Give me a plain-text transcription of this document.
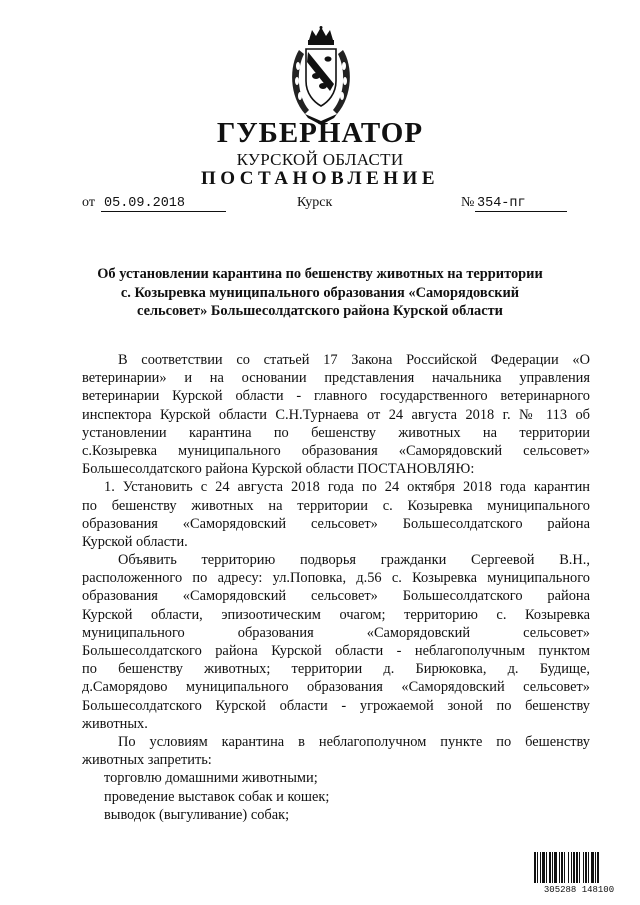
ГУБЕРНАТОР
КУРСКОЙ ОБЛАСТИ
ПОСТАНОВЛЕНИЕ
от 05.09.2018	Курск	№ 354-пг
Об установлении карантина по бешенству животных на территории
с. Козыревка муниципального образования «Саморядовский
сельсовет» Большесолдатского района Курской области
В соответствии со статьей 17 Закона Российской Федерации «О
ветеринарии» и на основании представления начальника управления
ветеринарии Курской области - главного государственного ветеринарного
инспектора Курской области С.Н.Турнаева от 24 августа 2018 г. № 113 об
установлении карантина по бешенству животных на территории
с.Козыревка муниципального образования «Саморядовский сельсовет»
Большесолдатского района Курской области ПОСТАНОВЛЯЮ:
1. Установить с 24 августа 2018 года по 24 октября 2018 года карантин
по бешенству животных на территории с. Козыревка муниципального
образования «Саморядовский сельсовет» Большесолдатского района
Курской области.
Объявить территорию подворья гражданки Сергеевой В.Н.,
расположенного по адресу: ул.Поповка, д.56 с. Козыревка муниципального
образования «Саморядовский сельсовет» Большесолдатского района
Курской области, эпизоотическим очагом; территорию с. Козыревка
муниципального образования «Саморядовский сельсовет»
Большесолдатского района Курской области - неблагополучным пунктом
по бешенству животных; территории д. Бирюковка, д. Будище,
д.Саморядово муниципального образования «Саморядовский сельсовет»
Большесолдатского Курской области - угрожаемой зоной по бешенству
животных.
По условиям карантина в неблагополучном пункте по бешенству
животных запретить:
торговлю домашними животными;
проведение выставок собак и кошек;
выводок (выгуливание) собак;
305288 148100
